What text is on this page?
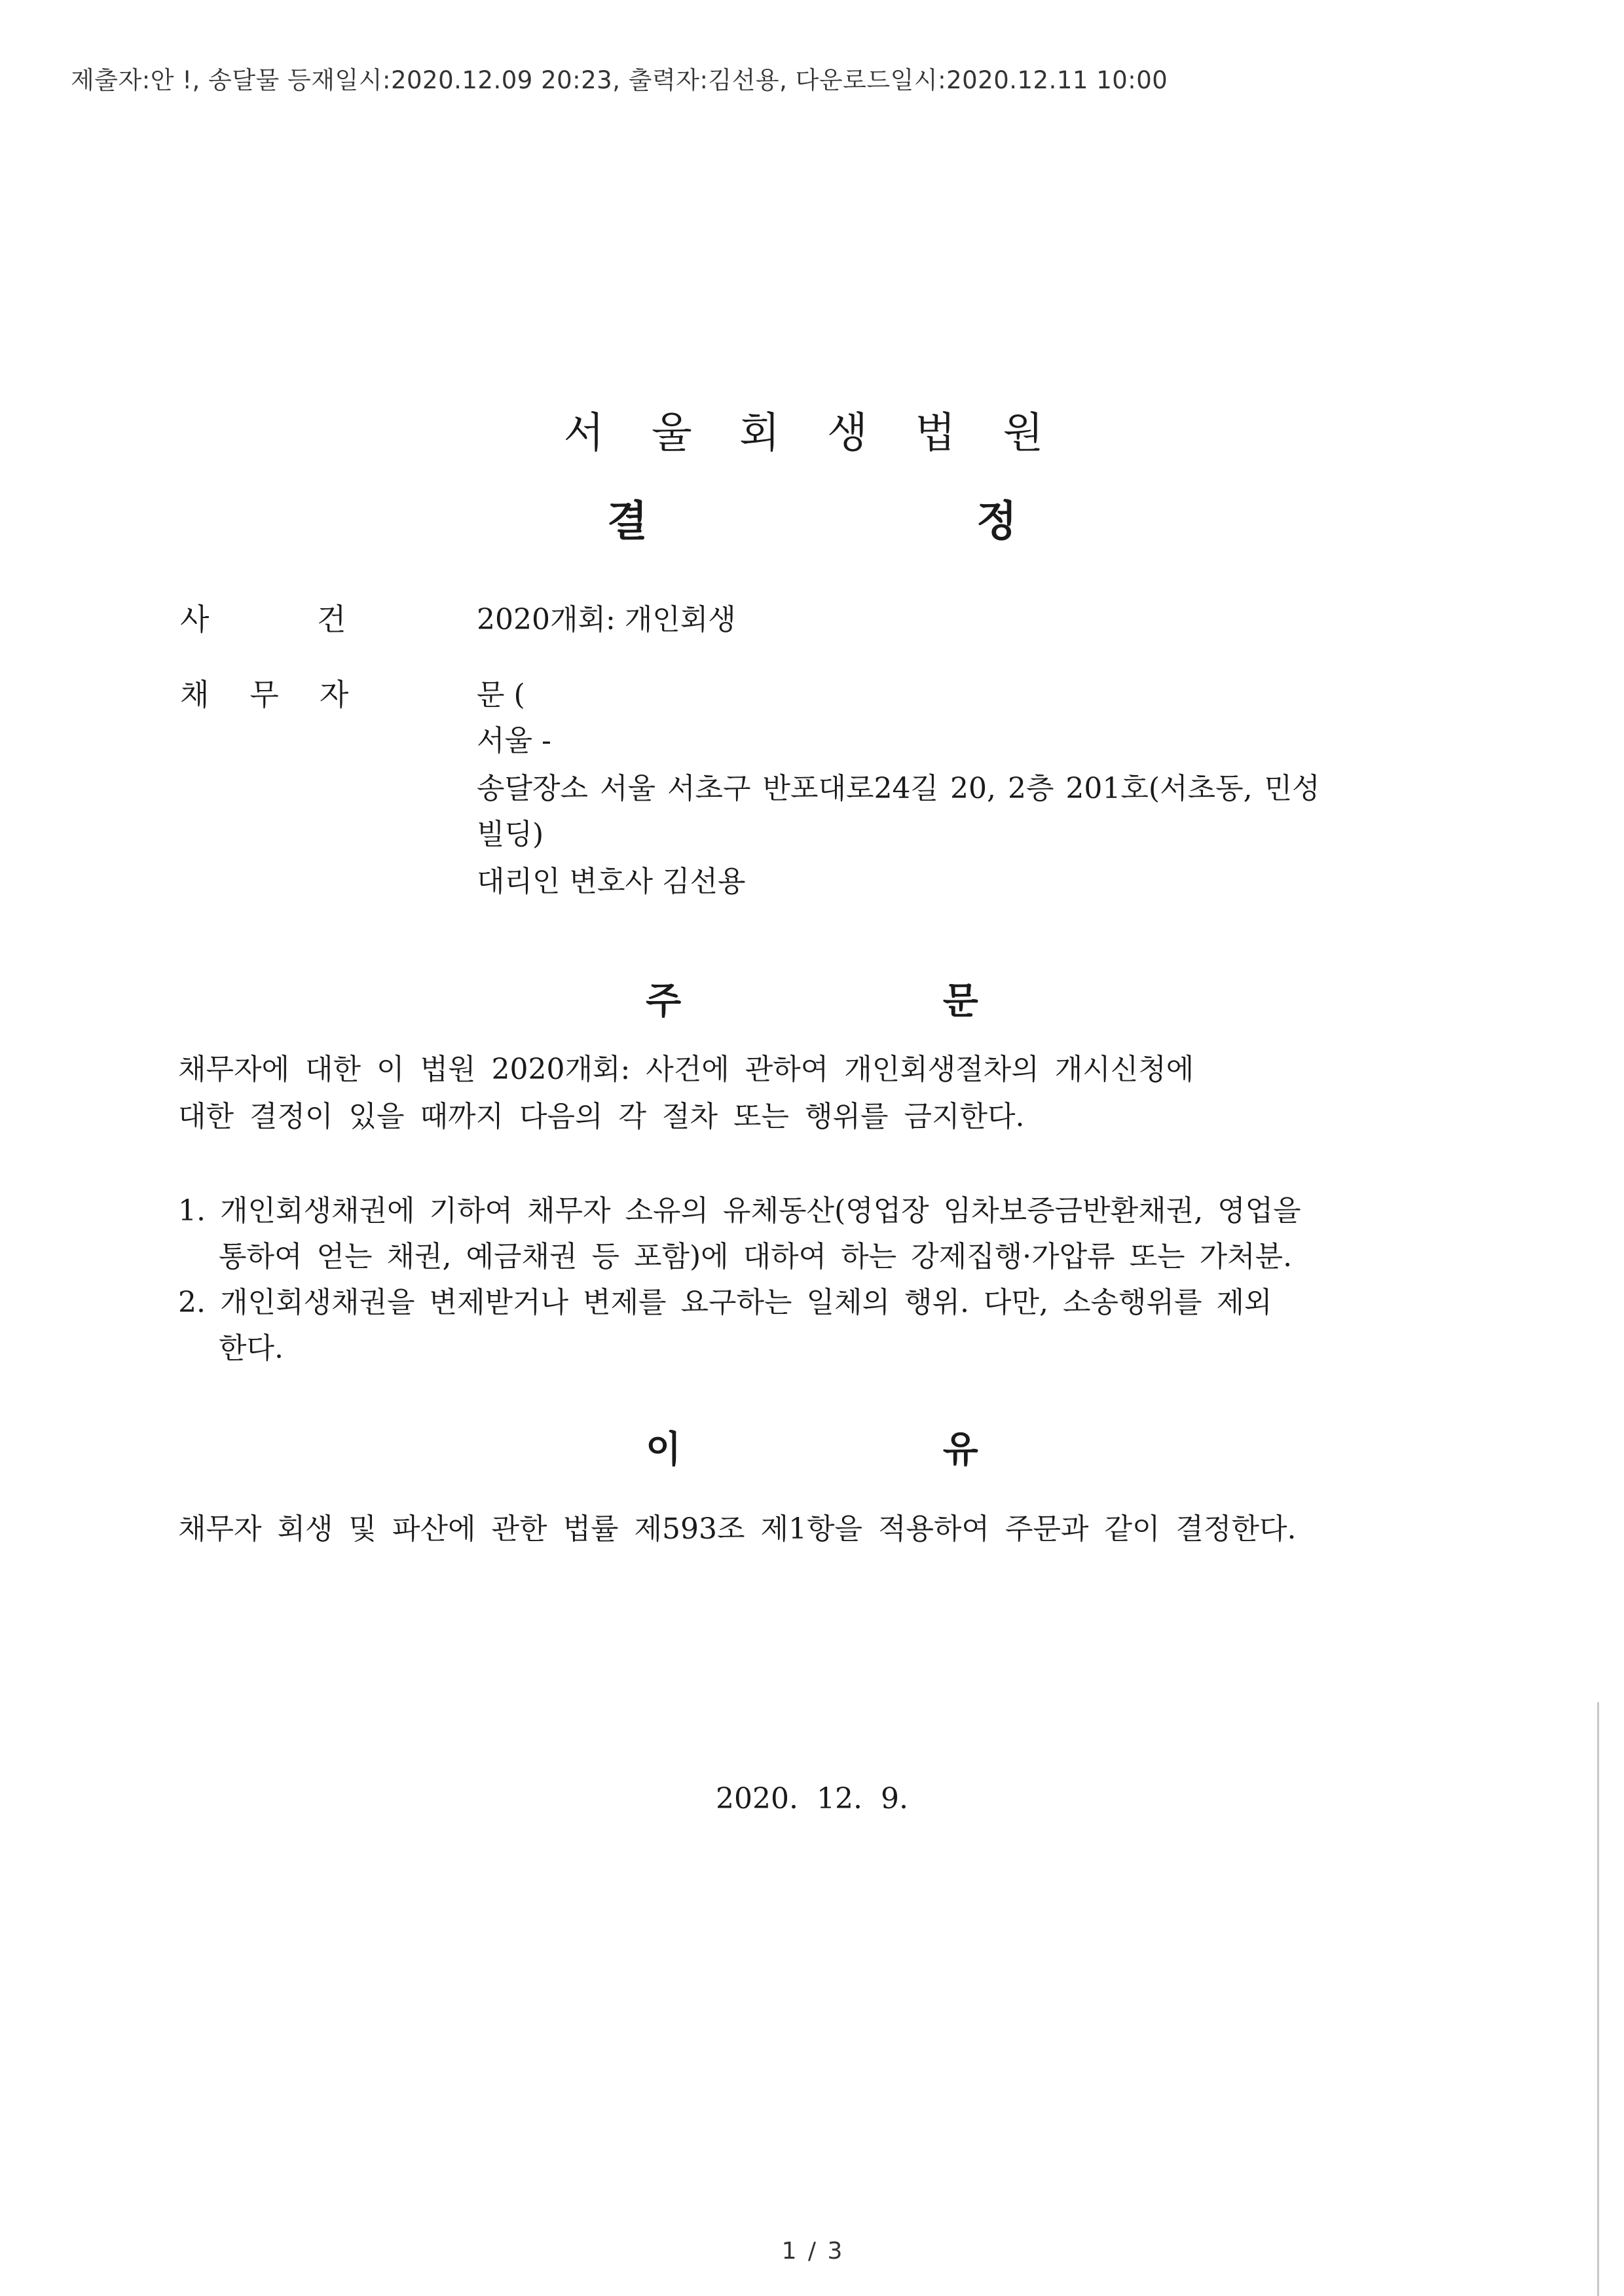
제출자:안 !, 송달물 등재일시:2020.12.09 20:23, 출력자:김선용, 다운로드일시:2020.12.11 10:00
서 울 회 생 법 원
결 정
사 건	2020개회: 개인회생
채무자	문 (
서울 -
송달장소 서울 서초구 반포대로24길 20, 2층 201호(서초동, 민성
빌딩)
대리인 변호사 김선용
주 문
채무자에 대한 이 법원 2020개회: 사건에 관하여 개인회생절차의 개시신청에
대한 결정이 있을 때까지 다음의 각 절차 또는 행위를 금지한다.
1. 개인회생채권에 기하여 채무자 소유의 유체동산(영업장 임차보증금반환채권, 영업을
통하여 얻는 채권, 예금채권 등 포함)에 대하여 하는 강제집행·가압류 또는 가처분.
2. 개인회생채권을 변제받거나 변제를 요구하는 일체의 행위. 다만, 소송행위를 제외
한다.
이 유
채무자 회생 및 파산에 관한 법률 제593조 제1항을 적용하여 주문과 같이 결정한다.
2020. 12. 9.
1 / 3
